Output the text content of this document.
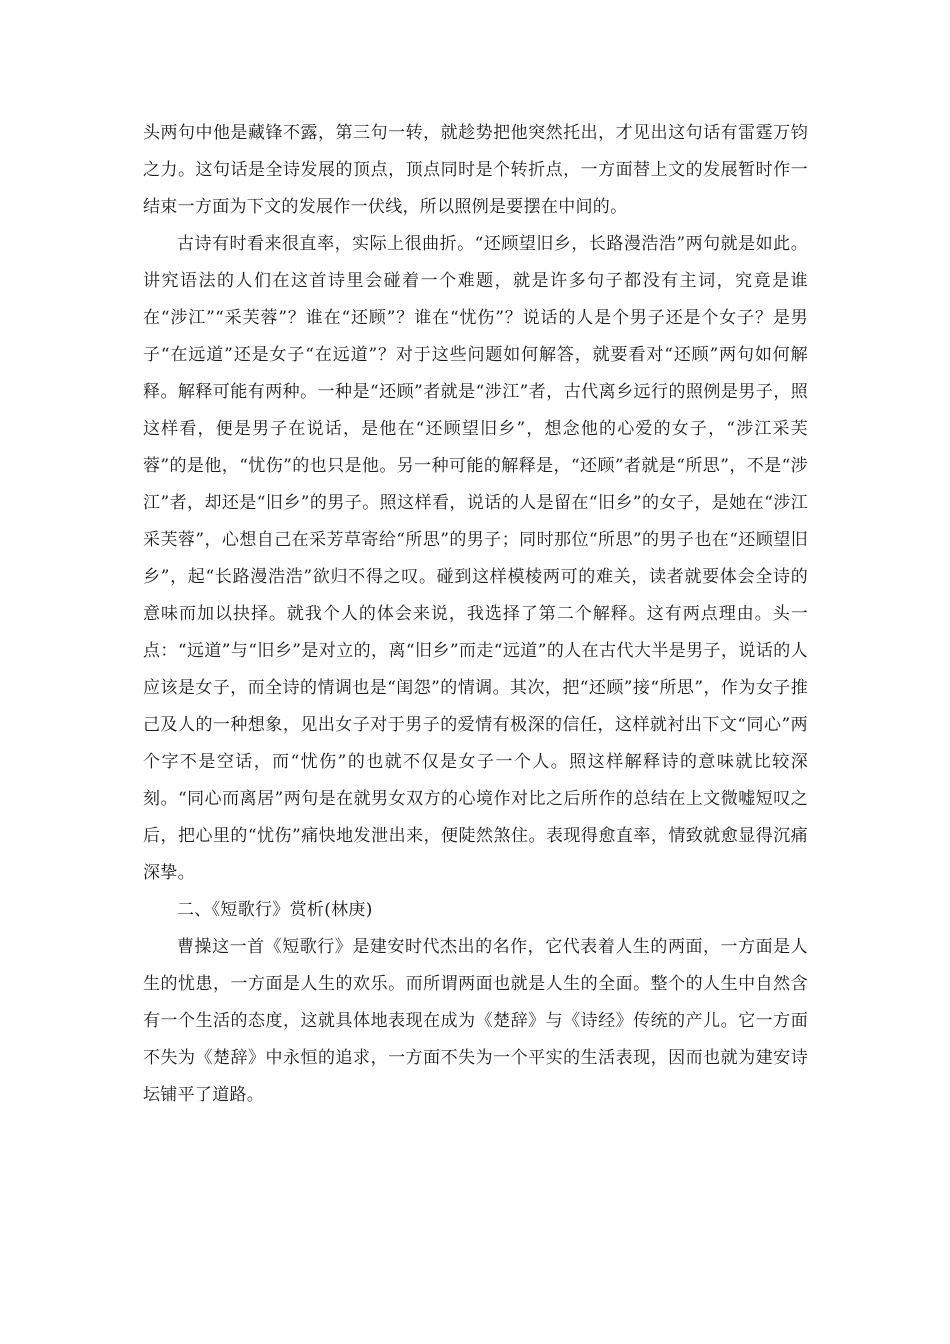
头两句中他是藏锋不露，第三句一转，就趁势把他突然托出，才见出这句话有雷霆万钧之力。这句话是全诗发展的顶点，顶点同时是个转折点，一方面替上文的发展暂时作一结束一方面为下文的发展作一伏线，所以照例是要摆在中间的。

古诗有时看来很直率，实际上很曲折。“还顾望旧乡，长路漫浩浩”两句就是如此。讲究语法的人们在这首诗里会碰着一个难题，就是许多句子都没有主词，究竟是谁在“涉江”“采芙蓉”？谁在“还顾”？谁在“忧伤”？说话的人是个男子还是个女子？是男子“在远道”还是女子“在远道”？对于这些问题如何解答，就要看对“还顾”两句如何解释。解释可能有两种。一种是“还顾”者就是“涉江”者，古代离乡远行的照例是男子，照这样看，便是男子在说话，是他在“还顾望旧乡”，想念他的心爱的女子，“涉江采芙蓉”的是他，“忧伤”的也只是他。另一种可能的解释是，“还顾”者就是“所思”，不是“涉江”者，却还是“旧乡”的男子。照这样看，说话的人是留在“旧乡”的女子，是她在“涉江采芙蓉”，心想自己在采芳草寄给“所思”的男子；同时那位“所思”的男子也在“还顾望旧乡”，起“长路漫浩浩”欲归不得之叹。碰到这样模棱两可的难关，读者就要体会全诗的意味而加以抉择。就我个人的体会来说，我选择了第二个解释。这有两点理由。头一点：“远道”与“旧乡”是对立的，离“旧乡”而走“远道”的人在古代大半是男子，说话的人应该是女子，而全诗的情调也是“闺怨”的情调。其次，把“还顾”接“所思”，作为女子推己及人的一种想象，见出女子对于男子的爱情有极深的信任，这样就衬出下文“同心”两个字不是空话，而“忧伤”的也就不仅是女子一个人。照这样解释诗的意味就比较深刻。“同心而离居”两句是在就男女双方的心境作对比之后所作的总结在上文微嘘短叹之后，把心里的“忧伤”痛快地发泄出来，便陡然煞住。表现得愈直率，情致就愈显得沉痛深挚。

二、《短歌行》赏析(林庚)

曹操这一首《短歌行》是建安时代杰出的名作，它代表着人生的两面，一方面是人生的忧患，一方面是人生的欢乐。而所谓两面也就是人生的全面。整个的人生中自然含有一个生活的态度，这就具体地表现在成为《楚辞》与《诗经》传统的产儿。它一方面不失为《楚辞》中永恒的追求，一方面不失为一个平实的生活表现，因而也就为建安诗坛铺平了道路。
